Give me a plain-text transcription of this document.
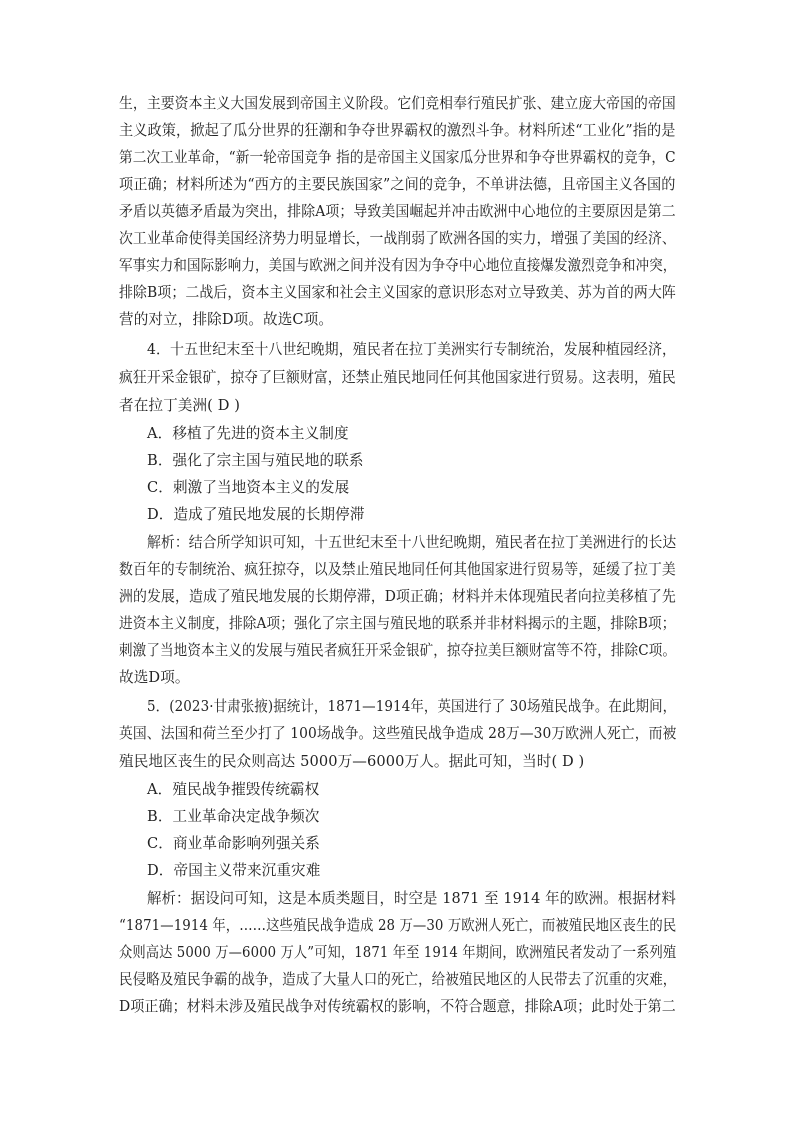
生，主要资本主义大国发展到帝国主义阶段。它们竞相奉行殖民扩张、建立庞大帝国的帝国
主义政策，掀起了瓜分世界的狂潮和争夺世界霸权的激烈斗争。材料所述“工业化”指的是
第二次工业革命，“新一轮帝国竞争 指的是帝国主义国家瓜分世界和争夺世界霸权的竞争，C
项正确；材料所述为“西方的主要民族国家”之间的竞争，不单讲法德，且帝国主义各国的
矛盾以英德矛盾最为突出，排除A项；导致美国崛起并冲击欧洲中心地位的主要原因是第二
次工业革命使得美国经济势力明显增长，一战削弱了欧洲各国的实力，增强了美国的经济、
军事实力和国际影响力，美国与欧洲之间并没有因为争夺中心地位直接爆发激烈竞争和冲突，
排除B项；二战后，资本主义国家和社会主义国家的意识形态对立导致美、苏为首的两大阵
营的对立，排除D项。故选C项。
4．十五世纪末至十八世纪晚期，殖民者在拉丁美洲实行专制统治，发展种植园经济，
疯狂开采金银矿，掠夺了巨额财富，还禁止殖民地同任何其他国家进行贸易。这表明，殖民
者在拉丁美洲( D )
A．移植了先进的资本主义制度
B．强化了宗主国与殖民地的联系
C．刺激了当地资本主义的发展
D．造成了殖民地发展的长期停滞
解析：结合所学知识可知，十五世纪末至十八世纪晚期，殖民者在拉丁美洲进行的长达
数百年的专制统治、疯狂掠夺，以及禁止殖民地同任何其他国家进行贸易等，延缓了拉丁美
洲的发展，造成了殖民地发展的长期停滞，D项正确；材料并未体现殖民者向拉美移植了先
进资本主义制度，排除A项；强化了宗主国与殖民地的联系并非材料揭示的主题，排除B项；
刺激了当地资本主义的发展与殖民者疯狂开采金银矿，掠夺拉美巨额财富等不符，排除C项。
故选D项。
5．(2023·甘肃张掖)据统计，1871—1914年，英国进行了 30场殖民战争。在此期间，
英国、法国和荷兰至少打了 100场战争。这些殖民战争造成 28万—30万欧洲人死亡，而被
殖民地区丧生的民众则高达 5000万—6000万人。据此可知，当时( D )
A．殖民战争摧毁传统霸权
B．工业革命决定战争频次
C．商业革命影响列强关系
D．帝国主义带来沉重灾难
解析：据设问可知，这是本质类题目，时空是 1871 至 1914 年的欧洲。根据材料
“1871—1914 年，……这些殖民战争造成 28 万—30 万欧洲人死亡，而被殖民地区丧生的民
众则高达 5000 万—6000 万人”可知，1871 年至 1914 年期间，欧洲殖民者发动了一系列殖
民侵略及殖民争霸的战争，造成了大量人口的死亡，给被殖民地区的人民带去了沉重的灾难，
D项正确；材料未涉及殖民战争对传统霸权的影响，不符合题意，排除A项；此时处于第二
